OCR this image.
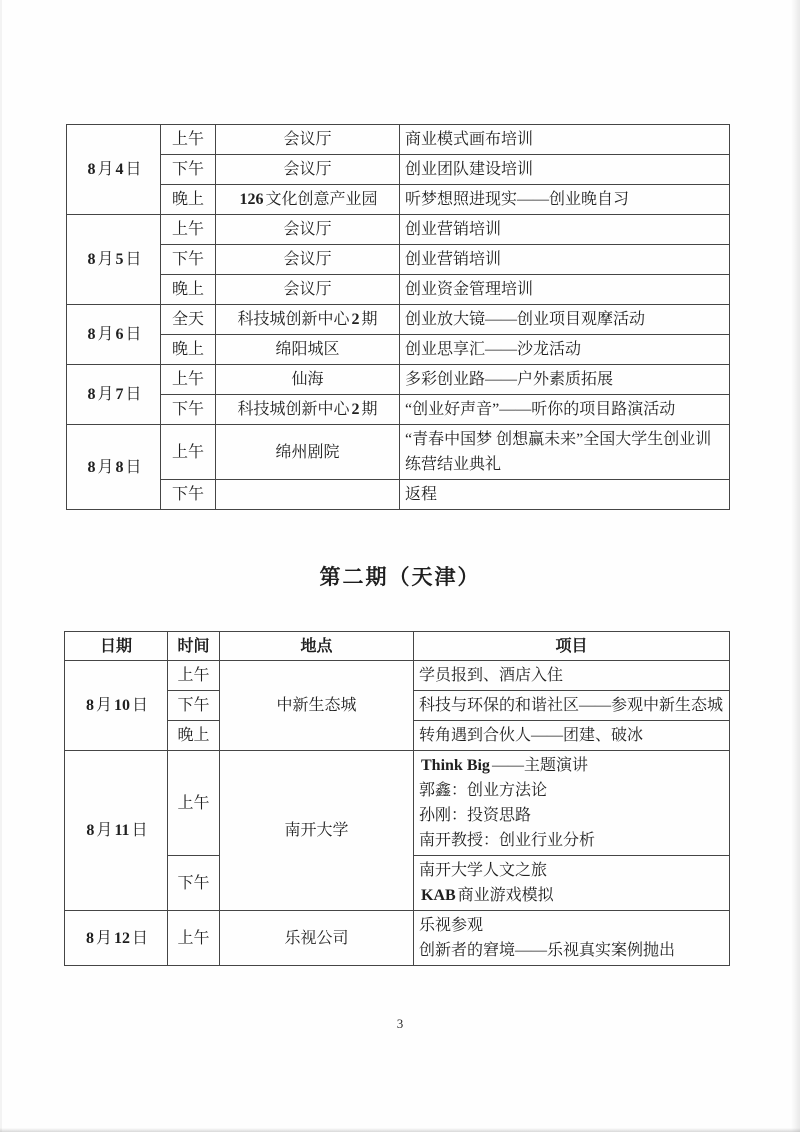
8 月 4 日	上午	会议厅	商业模式画布培训

	下午	会议厅	创业团队建设培训

	晚上	126 文化创意产业园	听梦想照进现实——创业晚自习

8 月 5 日	上午	会议厅	创业营销培训

	下午	会议厅	创业营销培训

	晚上	会议厅	创业资金管理培训

8 月 6 日	全天	科技城创新中心 2 期	创业放大镜——创业项目观摩活动

	晚上	绵阳城区	创业思享汇——沙龙活动

8 月 7 日	上午	仙海	多彩创业路——户外素质拓展

	下午	科技城创新中心 2 期	“创业好声音”——听你的项目路演活动

8 月 8 日	上午	绵州剧院	“青春中国梦 创想赢未来”全国大学生创业训练营结业典礼

	下午		返程
第二期（天津）
日期	时间	地点	项目
8 月 10 日	上午	中新生态城	学员报到、酒店入住

	下午		科技与环保的和谐社区——参观中新生态城

	晚上		转角遇到合伙人——团建、破冰

8 月 11 日	上午	南开大学	Think Big ——主题演讲
郭鑫：创业方法论
孙刚：投资思路
南开教授：创业行业分析

	下午		南开大学人文之旅
KAB 商业游戏模拟

8 月 12 日	上午	乐视公司	乐视参观
创新者的窘境——乐视真实案例抛出
3
